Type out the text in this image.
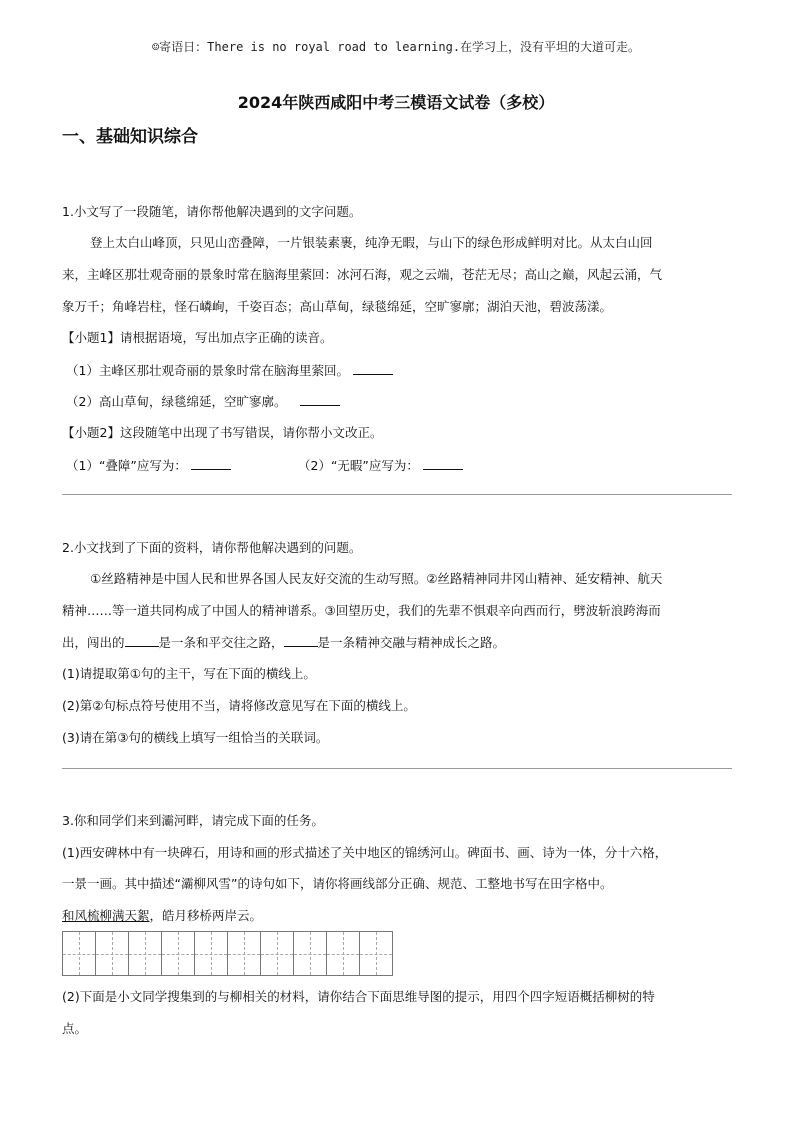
☺寄语日：There is no royal road to learning.在学习上，没有平坦的大道可走。
2024年陕西咸阳中考三模语文试卷（多校）
一、基础知识综合
1.小文写了一段随笔，请你帮他解决遇到的文字问题。
登上太白山峰顶，只见山峦叠障，一片银装素裹，纯净无暇，与山下的绿色形成鲜明对比。从太白山回
来，主峰区那壮观奇丽的景象时常在脑海里萦回：冰河石海，观之云端，苍茫无尽；高山之巅，风起云涌，气
象万千；角峰岩柱，怪石嶙峋，千姿百态；高山草甸，绿毯绵延，空旷寥廓；湖泊天池，碧波荡漾。
【小题1】请根据语境，写出加点字正确的读音。
（1）主峰区那壮观奇丽的景象时常在脑海里萦回。
（2）高山草甸，绿毯绵延，空旷寥廓。
【小题2】这段随笔中出现了书写错误，请你帮小文改正。
（1）“叠障”应写为：	（2）“无暇”应写为：
2.小文找到了下面的资料，请你帮他解决遇到的问题。
①丝路精神是中国人民和世界各国人民友好交流的生动写照。②丝路精神同井冈山精神、延安精神、航天
精神……等一道共同构成了中国人的精神谱系。③回望历史，我们的先辈不惧艰辛向西而行，劈波斩浪跨海而
出，闯出的	是一条和平交往之路，	是一条精神交融与精神成长之路。
(1)请提取第①句的主干，写在下面的横线上。
(2)第②句标点符号使用不当，请将修改意见写在下面的横线上。
(3)请在第③句的横线上填写一组恰当的关联词。
3.你和同学们来到灞河畔，请完成下面的任务。
(1)西安碑林中有一块碑石，用诗和画的形式描述了关中地区的锦绣河山。碑面书、画、诗为一体，分十六格，
一景一画。其中描述“灞柳风雪”的诗句如下，请你将画线部分正确、规范、工整地书写在田字格中。
和风梳柳满天絮，皓月移桥两岸云。
(2)下面是小文同学搜集到的与柳相关的材料，请你结合下面思维导图的提示，用四个四字短语概括柳树的特
点。
